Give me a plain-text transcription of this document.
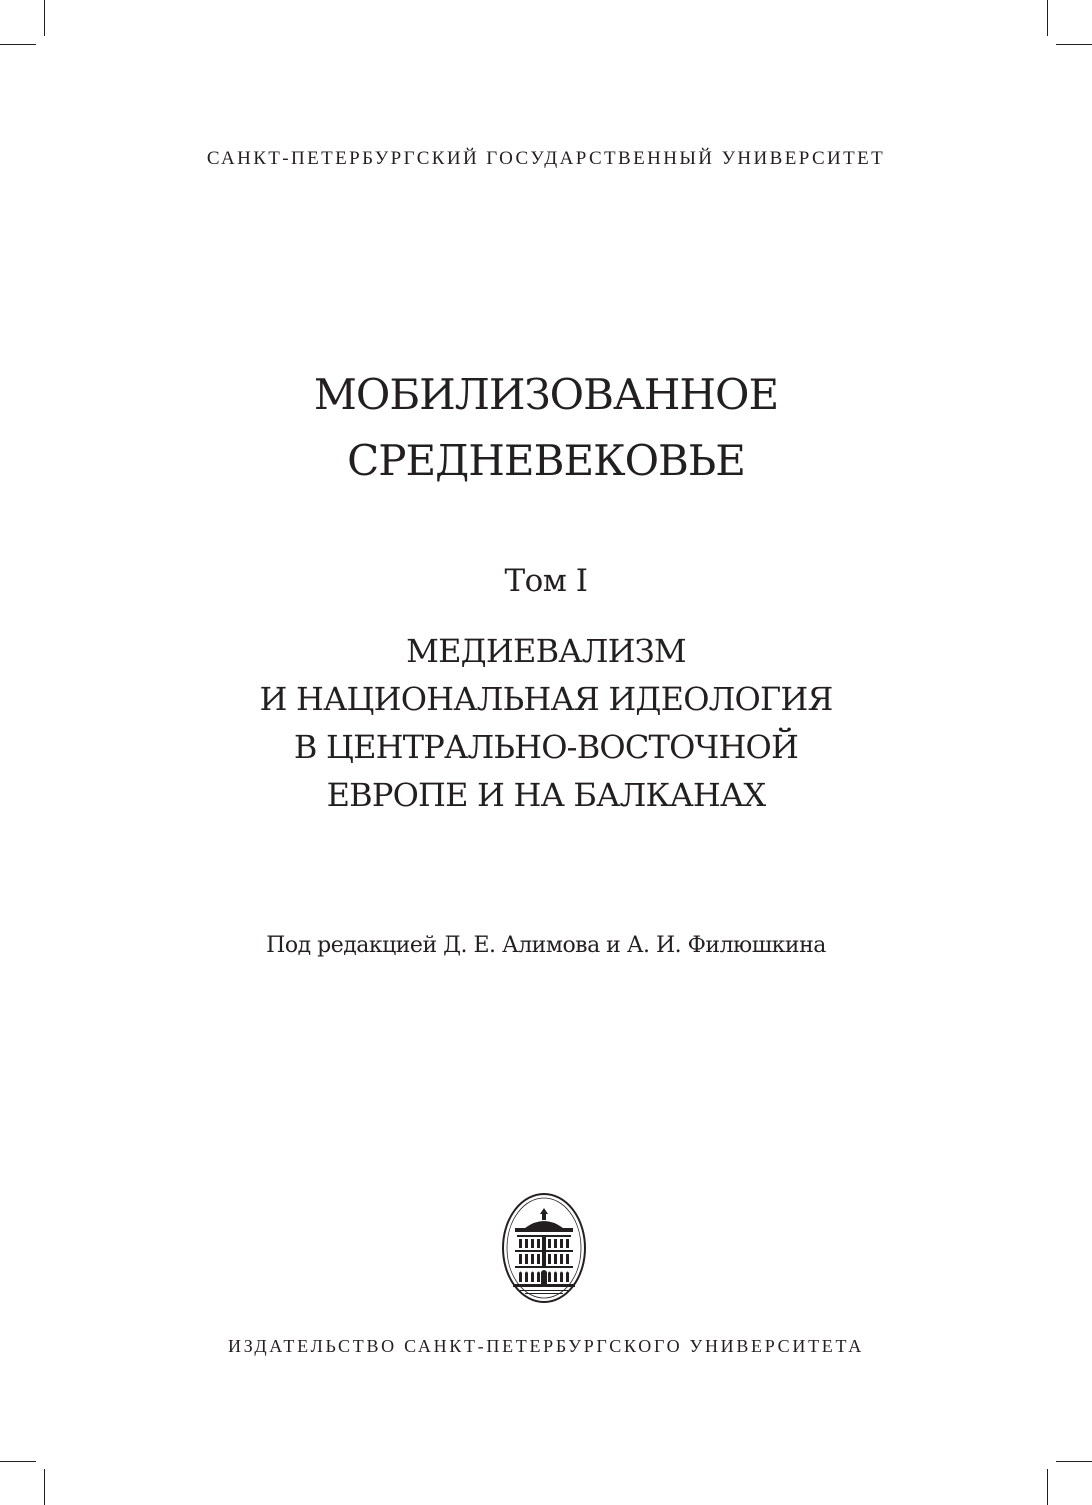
САНКТ-ПЕТЕРБУРГСКИЙ ГОСУДАРСТВЕННЫЙ УНИВЕРСИТЕТ

МОБИЛИЗОВАННОЕ
СРЕДНЕВЕКОВЬЕ

Том I

МЕДИЕВАЛИЗМ
И НАЦИОНАЛЬНАЯ ИДЕОЛОГИЯ
В ЦЕНТРАЛЬНО-ВОСТОЧНОЙ
ЕВРОПЕ И НА БАЛКАНАХ

Под редакцией Д. Е. Алимова и А. И. Филюшкина

ИЗДАТЕЛЬСТВО САНКТ-ПЕТЕРБУРГСКОГО УНИВЕРСИТЕТА
